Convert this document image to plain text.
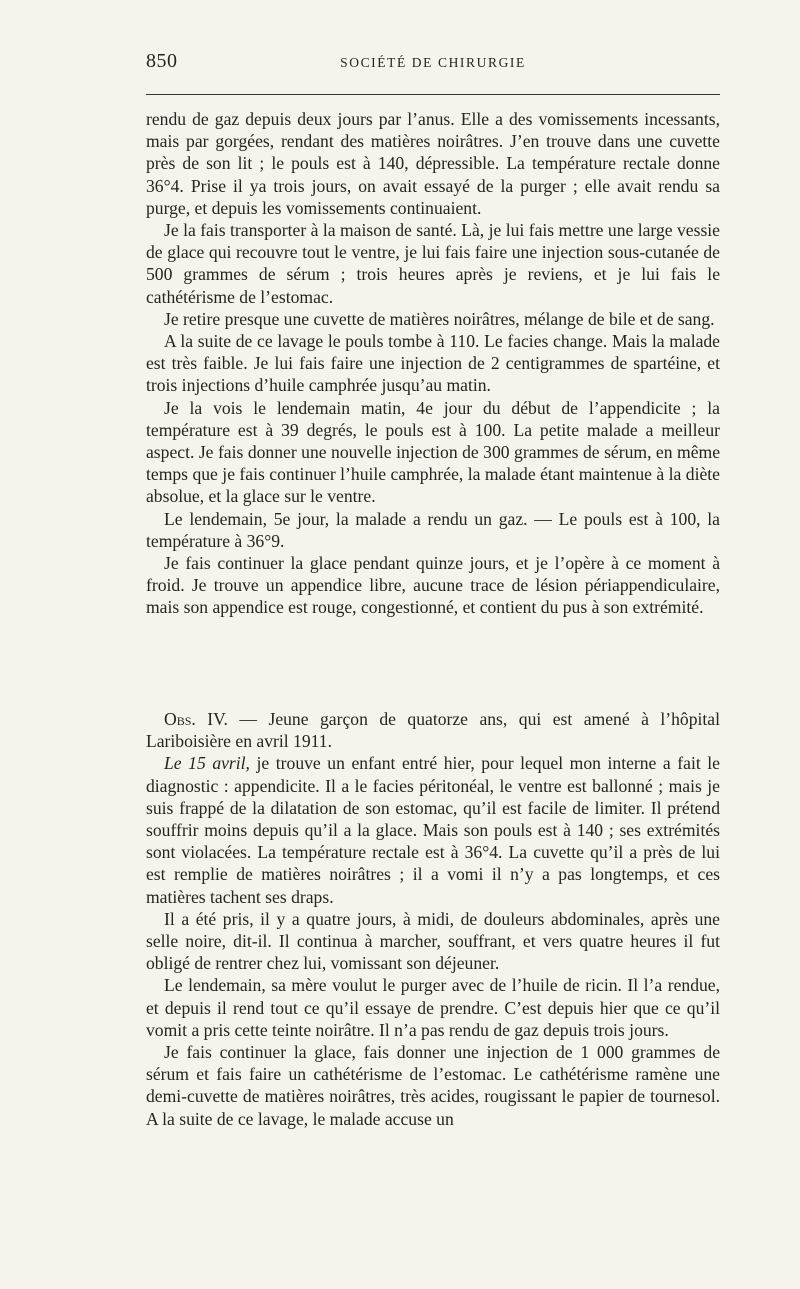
850	SOCIÉTÉ DE CHIRURGIE

rendu de gaz depuis deux jours par l’anus. Elle a des vomissements incessants, mais par gorgées, rendant des matières noirâtres. J’en trouve dans une cuvette près de son lit ; le pouls est à 140, dépressible. La température rectale donne 36°4. Prise il ya trois jours, on avait essayé de la purger ; elle avait rendu sa purge, et depuis les vomissements continuaient.

Je la fais transporter à la maison de santé. Là, je lui fais mettre une large vessie de glace qui recouvre tout le ventre, je lui fais faire une injection sous-cutanée de 500 grammes de sérum ; trois heures après je reviens, et je lui fais le cathétérisme de l’estomac.

Je retire presque une cuvette de matières noirâtres, mélange de bile et de sang.

A la suite de ce lavage le pouls tombe à 110. Le facies change. Mais la malade est très faible. Je lui fais faire une injection de 2 centigrammes de spartéine, et trois injections d’huile camphrée jusqu’au matin.

Je la vois le lendemain matin, 4e jour du début de l’appendicite ; la température est à 39 degrés, le pouls est à 100. La petite malade a meilleur aspect. Je fais donner une nouvelle injection de 300 grammes de sérum, en même temps que je fais continuer l’huile camphrée, la malade étant maintenue à la diète absolue, et la glace sur le ventre.

Le lendemain, 5e jour, la malade a rendu un gaz. — Le pouls est à 100, la température à 36°9.

Je fais continuer la glace pendant quinze jours, et je l’opère à ce moment à froid. Je trouve un appendice libre, aucune trace de lésion périappendiculaire, mais son appendice est rouge, congestionné, et contient du pus à son extrémité.

Obs. IV. — Jeune garçon de quatorze ans, qui est amené à l’hôpital Lariboisière en avril 1911.

Le 15 avril, je trouve un enfant entré hier, pour lequel mon interne a fait le diagnostic : appendicite. Il a le facies péritonéal, le ventre est ballonné ; mais je suis frappé de la dilatation de son estomac, qu’il est facile de limiter. Il prétend souffrir moins depuis qu’il a la glace. Mais son pouls est à 140 ; ses extrémités sont violacées. La température rectale est à 36°4. La cuvette qu’il a près de lui est remplie de matières noirâtres ; il a vomi il n’y a pas longtemps, et ces matières tachent ses draps.

Il a été pris, il y a quatre jours, à midi, de douleurs abdominales, après une selle noire, dit-il. Il continua à marcher, souffrant, et vers quatre heures il fut obligé de rentrer chez lui, vomissant son déjeuner.

Le lendemain, sa mère voulut le purger avec de l’huile de ricin. Il l’a rendue, et depuis il rend tout ce qu’il essaye de prendre. C’est depuis hier que ce qu’il vomit a pris cette teinte noirâtre. Il n’a pas rendu de gaz depuis trois jours.

Je fais continuer la glace, fais donner une injection de 1 000 grammes de sérum et fais faire un cathétérisme de l’estomac. Le cathétérisme ramène une demi-cuvette de matières noirâtres, très acides, rougissant le papier de tournesol. A la suite de ce lavage, le malade accuse un
